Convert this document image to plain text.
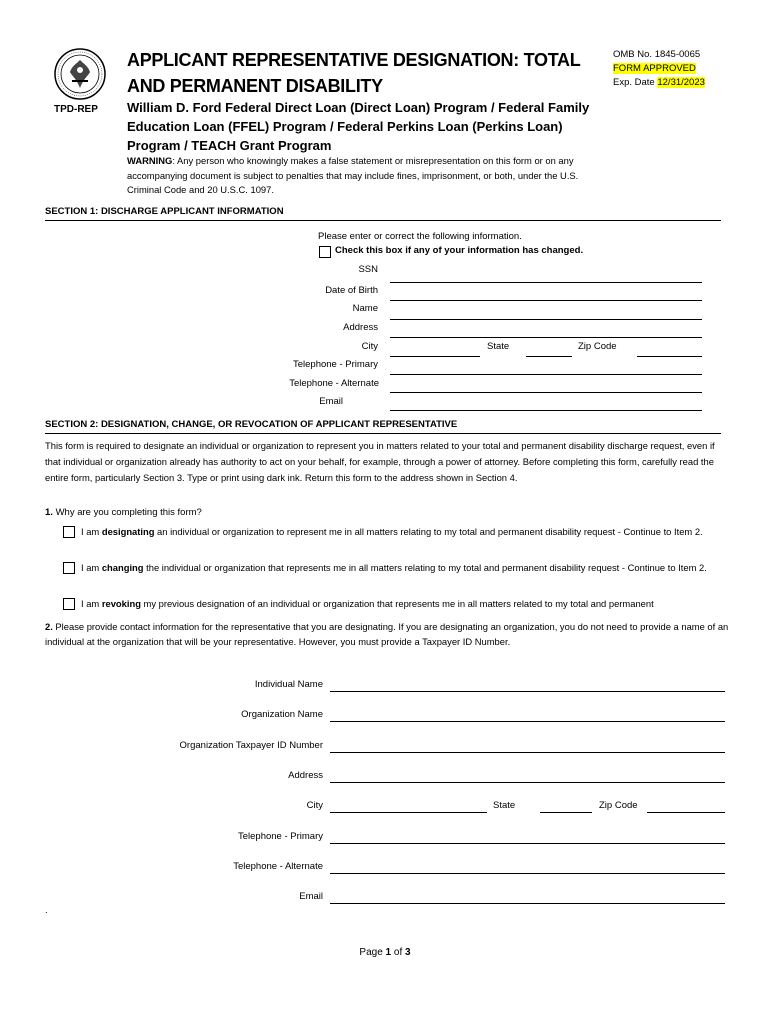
TPD-REP
APPLICANT REPRESENTATIVE DESIGNATION: TOTAL AND PERMANENT DISABILITY
William D. Ford Federal Direct Loan (Direct Loan) Program / Federal Family Education Loan (FFEL) Program / Federal Perkins Loan (Perkins Loan) Program / TEACH Grant Program
WARNING: Any person who knowingly makes a false statement or misrepresentation on this form or on any accompanying document is subject to penalties that may include fines, imprisonment, or both, under the U.S. Criminal Code and 20 U.S.C. 1097.
OMB No. 1845-0065
FORM APPROVED
Exp. Date 12/31/2023
SECTION 1: DISCHARGE APPLICANT INFORMATION
Please enter or correct the following information.
Check this box if any of your information has changed.
SSN
Date of Birth
Name
Address
City	State	Zip Code
Telephone - Primary
Telephone - Alternate
Email
SECTION 2: DESIGNATION, CHANGE, OR REVOCATION OF APPLICANT REPRESENTATIVE
This form is required to designate an individual or organization to represent you in matters related to your total and permanent disability discharge request, even if that individual or organization already has authority to act on your behalf, for example, through a power of attorney. Before completing this form, carefully read the entire form, particularly Section 3. Type or print using dark ink. Return this form to the address shown in Section 4.
1. Why are you completing this form?
I am designating an individual or organization to represent me in all matters relating to my total and permanent disability request - Continue to Item 2.
I am changing the individual or organization that represents me in all matters relating to my total and permanent disability request - Continue to Item 2.
I am revoking my previous designation of an individual or organization that represents me in all matters related to my total and permanent
2. Please provide contact information for the representative that you are designating. If you are designating an organization, you do not need to provide a name of an individual at the organization that will be your representative. However, you must provide a Taxpayer ID Number.
Individual Name
Organization Name
Organization Taxpayer ID Number
Address
City	State	Zip Code
Telephone - Primary
Telephone - Alternate
Email
.
Page 1 of 3
